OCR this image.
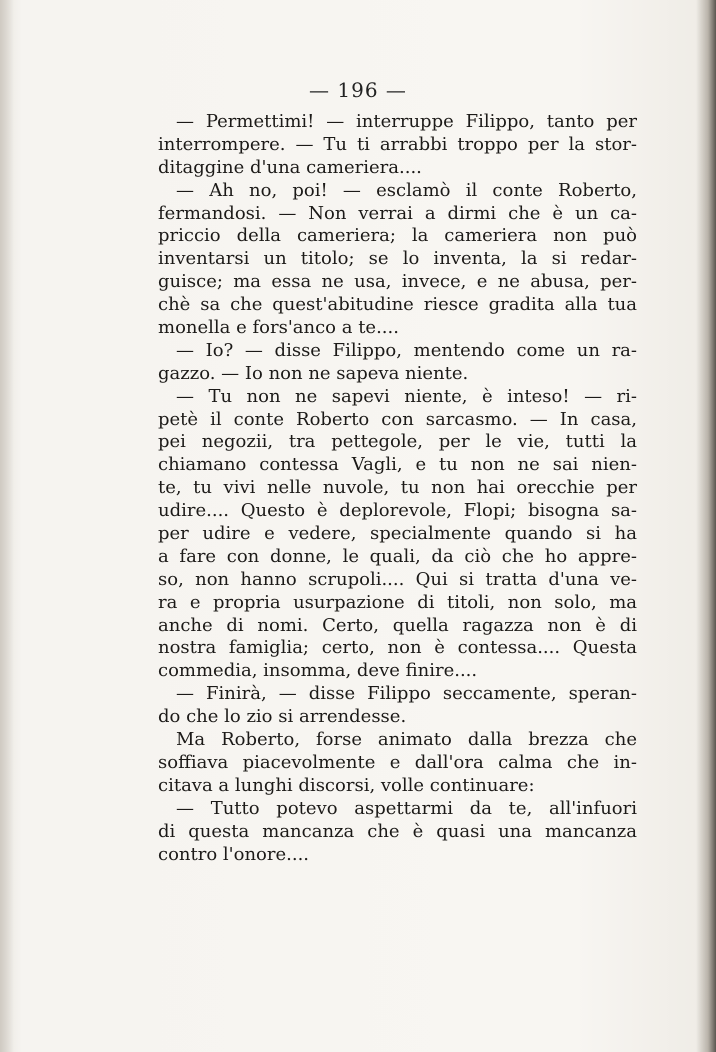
— 196 —
— Permettimi! — interruppe Filippo, tanto per
interrompere. — Tu ti arrabbi troppo per la stor-
ditaggine d'una cameriera....
— Ah no, poi! — esclamò il conte Roberto,
fermandosi. — Non verrai a dirmi che è un ca-
priccio della cameriera; la cameriera non può
inventarsi un titolo; se lo inventa, la si redar-
guisce; ma essa ne usa, invece, e ne abusa, per-
chè sa che quest'abitudine riesce gradita alla tua
monella e fors'anco a te....
— Io? — disse Filippo, mentendo come un ra-
gazzo. — Io non ne sapeva niente.
— Tu non ne sapevi niente, è inteso! — ri-
petè il conte Roberto con sarcasmo. — In casa,
pei negozii, tra pettegole, per le vie, tutti la
chiamano contessa Vagli, e tu non ne sai nien-
te, tu vivi nelle nuvole, tu non hai orecchie per
udire.... Questo è deplorevole, Flopi; bisogna sa-
per udire e vedere, specialmente quando si ha
a fare con donne, le quali, da ciò che ho appre-
so, non hanno scrupoli.... Qui si tratta d'una ve-
ra e propria usurpazione di titoli, non solo, ma
anche di nomi. Certo, quella ragazza non è di
nostra famiglia; certo, non è contessa.... Questa
commedia, insomma, deve finire....
— Finirà, — disse Filippo seccamente, speran-
do che lo zio si arrendesse.
Ma Roberto, forse animato dalla brezza che
soffiava piacevolmente e dall'ora calma che in-
citava a lunghi discorsi, volle continuare:
— Tutto potevo aspettarmi da te, all'infuori
di questa mancanza che è quasi una mancanza
contro l'onore....
